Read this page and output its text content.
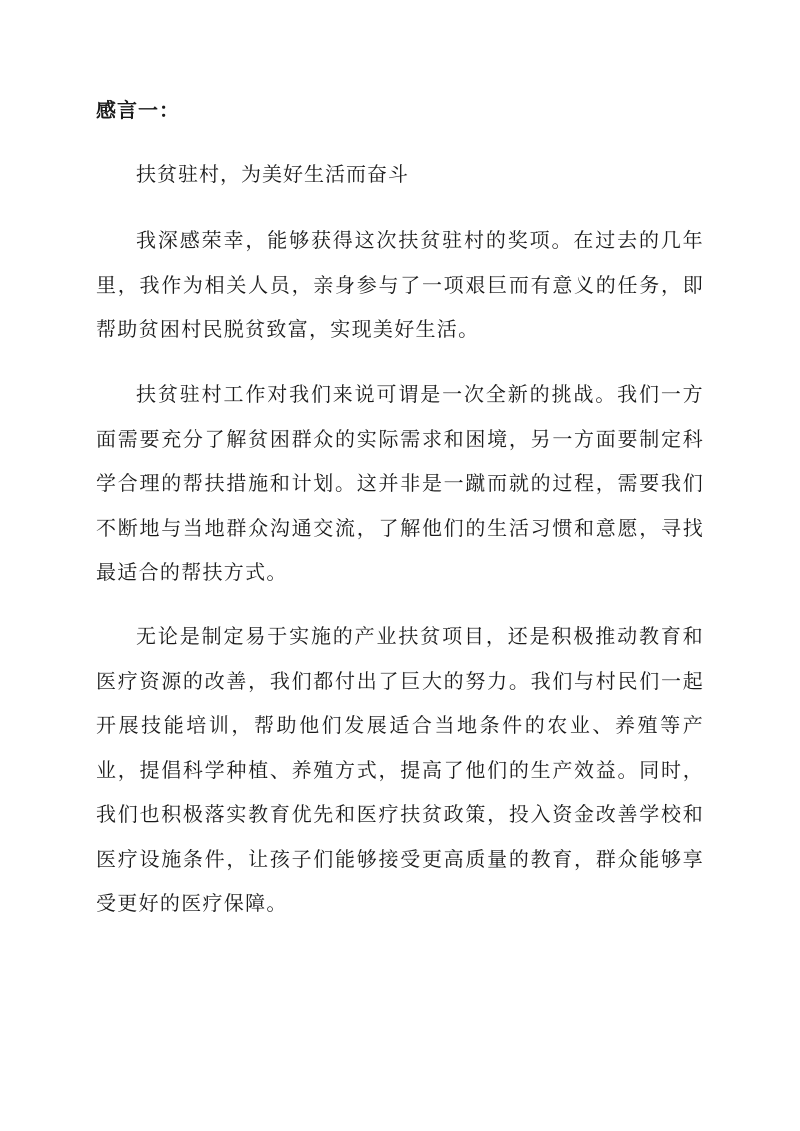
感言一：
扶贫驻村，为美好生活而奋斗

我深感荣幸，能够获得这次扶贫驻村的奖项。在过去的几年里，我作为相关人员，亲身参与了一项艰巨而有意义的任务，即帮助贫困村民脱贫致富，实现美好生活。

扶贫驻村工作对我们来说可谓是一次全新的挑战。我们一方面需要充分了解贫困群众的实际需求和困境，另一方面要制定科学合理的帮扶措施和计划。这并非是一蹴而就的过程，需要我们不断地与当地群众沟通交流，了解他们的生活习惯和意愿，寻找最适合的帮扶方式。

无论是制定易于实施的产业扶贫项目，还是积极推动教育和医疗资源的改善，我们都付出了巨大的努力。我们与村民们一起开展技能培训，帮助他们发展适合当地条件的农业、养殖等产业，提倡科学种植、养殖方式，提高了他们的生产效益。同时，我们也积极落实教育优先和医疗扶贫政策，投入资金改善学校和医疗设施条件，让孩子们能够接受更高质量的教育，群众能够享受更好的医疗保障。
